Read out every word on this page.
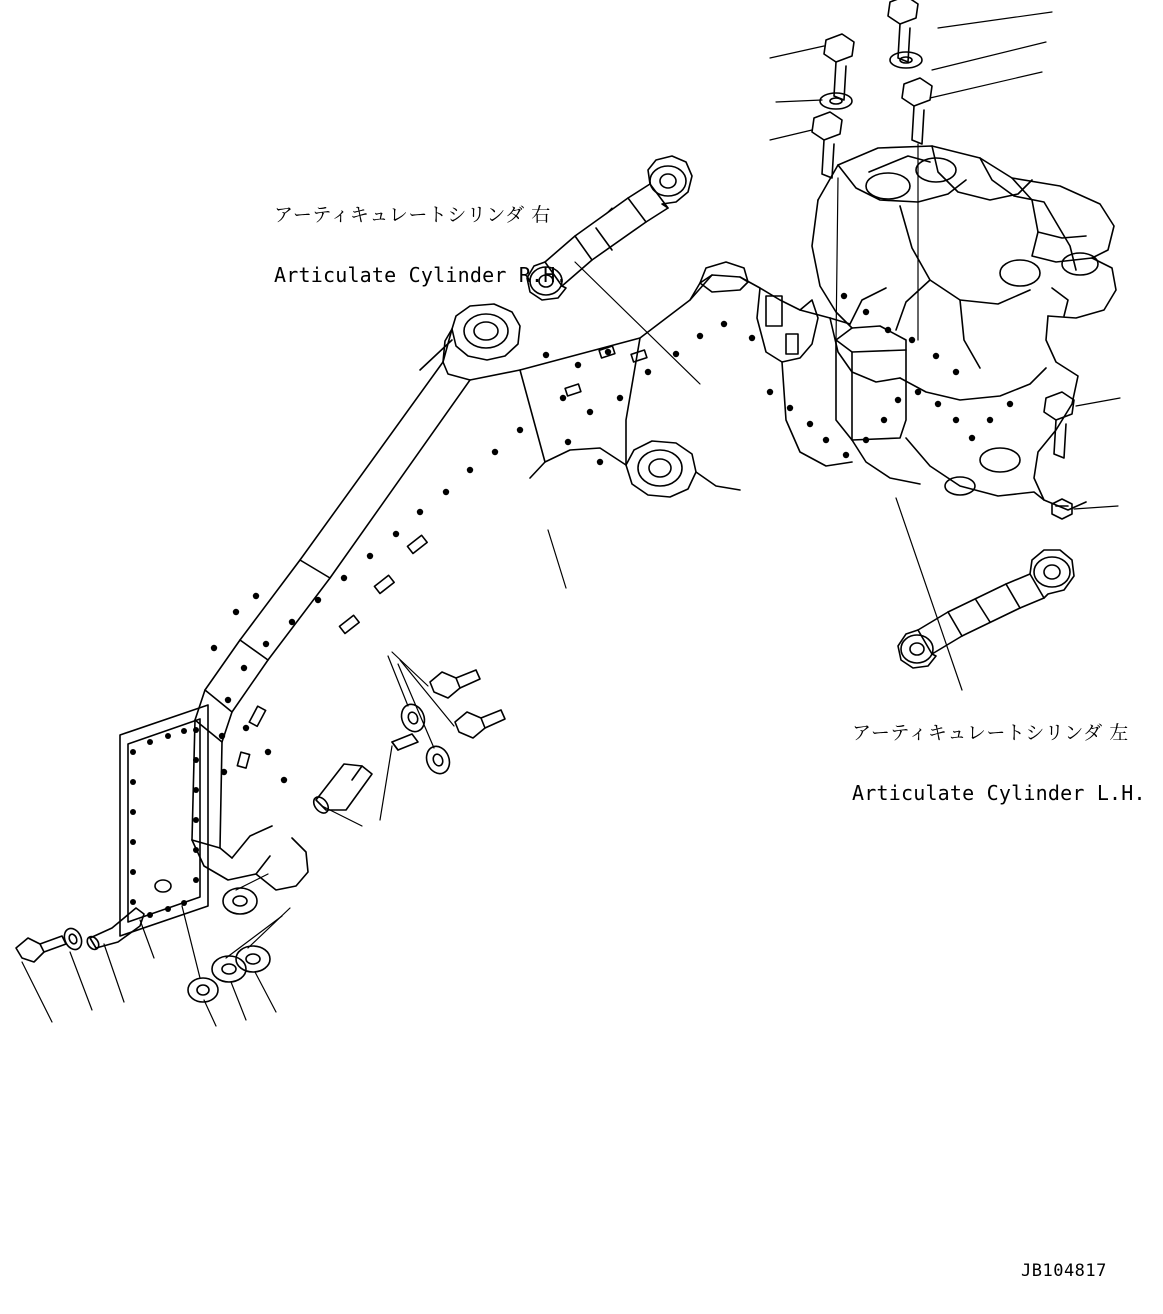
アーティキュレートシリンダ 右

Articulate Cylinder R.H.

アーティキュレートシリンダ 左

Articulate Cylinder L.H.

JB104817
